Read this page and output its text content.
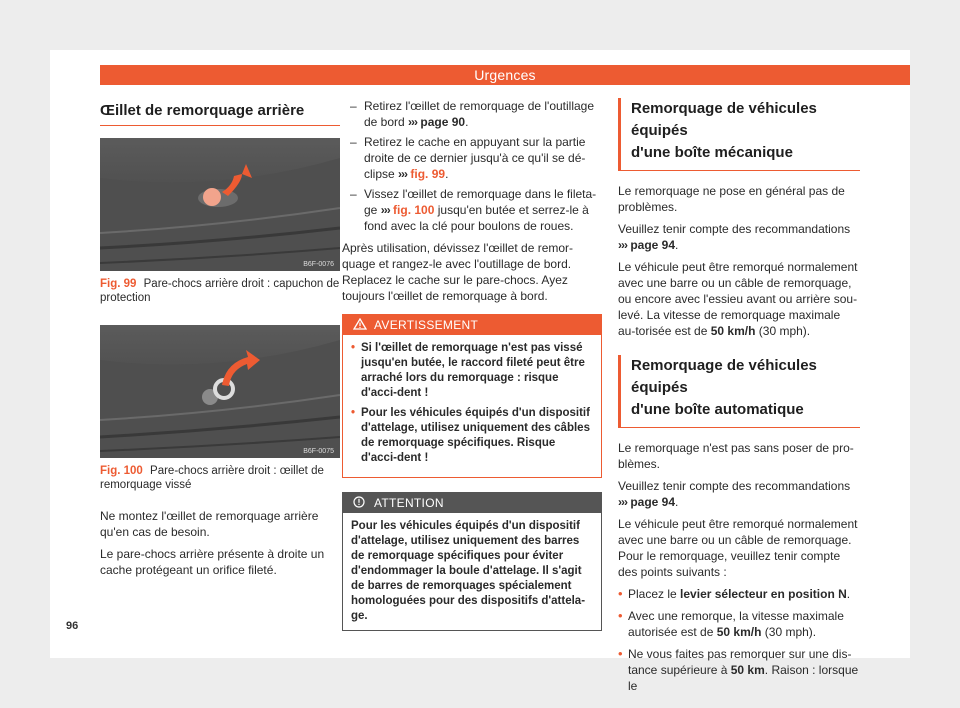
Urgences
Œillet de remorquage arrière
B6F-0076
Fig. 99 Pare-chocs arrière droit : capuchon de protection
B6F-0075
Fig. 100 Pare-chocs arrière droit : œillet de remorquage vissé

Ne montez l'œillet de remorquage arrière qu'en cas de besoin.

Le pare-chocs arrière présente à droite un cache protégeant un orifice fileté.

– Retirez l'œillet de remorquage de l'outillage de bord ››› page 90.
– Retirez le cache en appuyant sur la partie droite de ce dernier jusqu'à ce qu'il se dé-clipse ››› fig. 99.
– Vissez l'œillet de remorquage dans le fileta-ge ››› fig. 100 jusqu'en butée et serrez-le à fond avec la clé pour boulons de roues.

Après utilisation, dévissez l'œillet de remor-quage et rangez-le avec l'outillage de bord. Replacez le cache sur le pare-chocs. Ayez toujours l'œillet de remorquage à bord.

AVERTISSEMENT
• Si l'œillet de remorquage n'est pas vissé jusqu'en butée, le raccord fileté peut être arraché lors du remorquage : risque d'acci-dent !
• Pour les véhicules équipés d'un dispositif d'attelage, utilisez uniquement des câbles de remorquage spécifiques. Risque d'acci-dent !
ATTENTION
Pour les véhicules équipés d'un dispositif d'attelage, utilisez uniquement des barres de remorquage spécifiques pour éviter d'endommager la boule d'attelage. Il s'agit de barres de remorquages spécialement homologuées pour des dispositifs d'attela-ge.
Remorquage de véhicules équipés
d'une boîte mécanique

Le remorquage ne pose en général pas de problèmes.

Veuillez tenir compte des recommandations ››› page 94.

Le véhicule peut être remorqué normalement avec une barre ou un câble de remorquage, ou encore avec l'essieu avant ou arrière sou-levé. La vitesse de remorquage maximale au-torisée est de 50 km/h (30 mph).

Remorquage de véhicules équipés
d'une boîte automatique

Le remorquage n'est pas sans poser de pro-blèmes.

Veuillez tenir compte des recommandations ››› page 94.

Le véhicule peut être remorqué normalement avec une barre ou un câble de remorquage. Pour le remorquage, veuillez tenir compte des points suivants :

• Placez le levier sélecteur en position N.

• Avec une remorque, la vitesse maximale autorisée est de 50 km/h (30 mph).

• Ne vous faites pas remorquer sur une dis-tance supérieure à 50 km. Raison : lorsque le

96
